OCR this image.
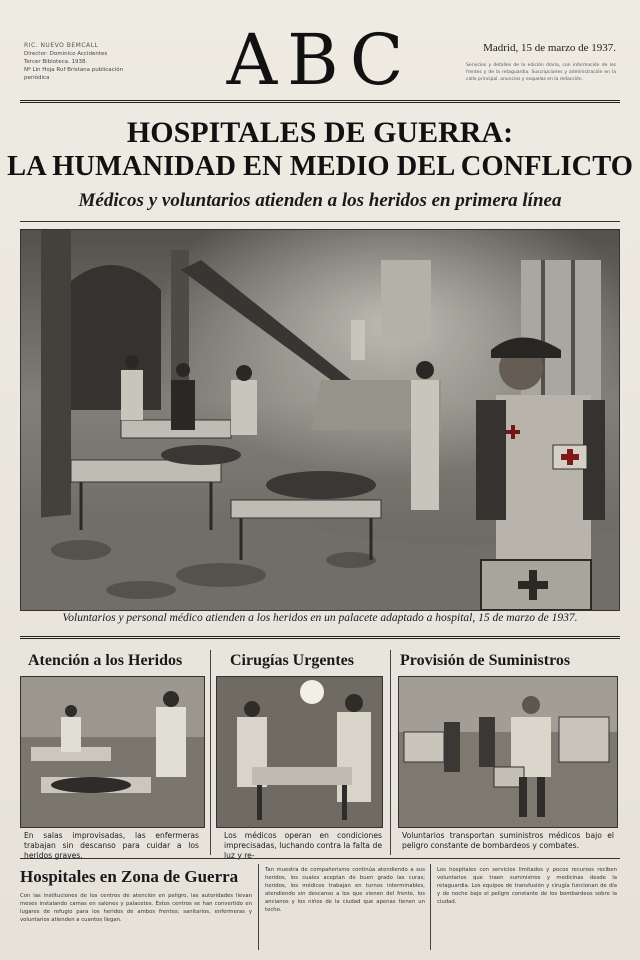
RIC. NUEVO BEMCALL
Director: Dominico Accidentes
Tercer Bibloteca. 1938.
Nº Lin Hoja Ruf Bristana publicación periódica	ABC	Madrid, 15 de marzo de 1937.
Servicios y detalles de la edición diaria, con información de los frentes y de la retaguardia. Suscripciones y administración en la calle principal, anuncios y esquelas en la redacción.
HOSPITALES DE GUERRA:
LA HUMANIDAD EN MEDIO DEL CONFLICTO
Médicos y voluntarios atienden a los heridos en primera línea
Voluntarios y personal médico atienden a los heridos en un palacete adaptado a hospital, 15 de marzo de 1937.
Atención a los Heridos	Cirugías Urgentes	Provisión de Suministros
En salas improvisadas, las enfermeras trabajan sin descanso para cuidar a los heridos graves.
Los médicos operan en condiciones imprecisadas, luchando contra la falta de luz y re-
Voluntarios transportan suministros médicos bajo el peligro constante de bombardeos y combates.
Hospitales en Zona de Guerra
Con las instituciones de los centros de atención en peligro, las autoridades llevan meses instalando camas en salones y palacetes. Estos centros se han convertido en lugares de refugio para los heridos de ambos frentes; sanitarios, enfermeras y voluntarios atienden a cuantos llegan.
Tan muestra de compañerismo continúa atendiendo a sus heridos, los cuales aceptan de buen grado las curas; heridos, los médicos trabajan en turnos interminables, atendiendo sin descanso a los que vienen del frente, los ancianos y los niños de la ciudad que apenas tienen un techo.
Los hospitales con servicios limitados y pocos recursos reciben voluntarios que traen suministros y medicinas desde la retaguardia. Los equipos de transfusión y cirugía funcionan de día y de noche bajo el peligro constante de los bombardeos sobre la ciudad.
